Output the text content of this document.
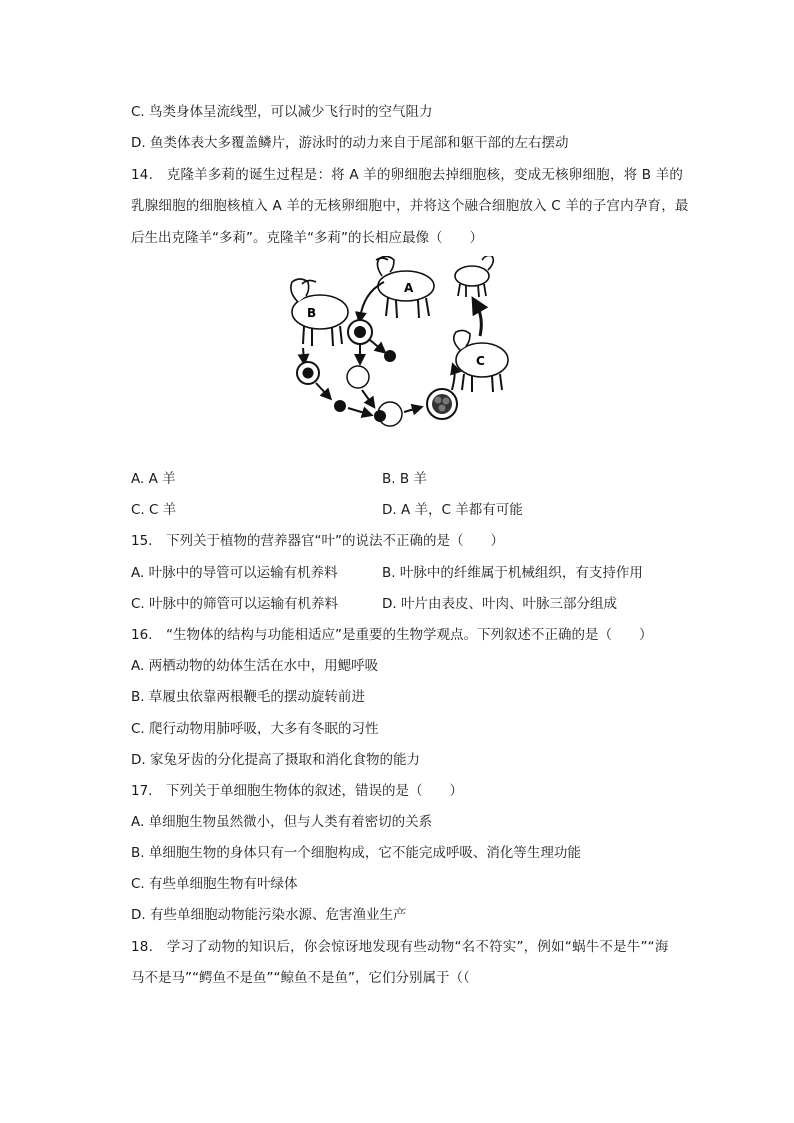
C. 鸟类身体呈流线型，可以减少飞行时的空气阻力
D. 鱼类体表大多覆盖鳞片，游泳时的动力来自于尾部和躯干部的左右摆动
14.　克隆羊多莉的诞生过程是：将 A 羊的卵细胞去掉细胞核，变成无核卵细胞，将 B 羊的
乳腺细胞的细胞核植入 A 羊的无核卵细胞中，并将这个融合细胞放入 C 羊的子宫内孕育，最
后生出克隆羊“多莉”。克隆羊“多莉”的长相应最像（　　）
B
A
C
A. A 羊	B. B 羊
C. C 羊	D. A 羊，C 羊都有可能
15.　下列关于植物的营养器官“叶”的说法不正确的是（　　）
A. 叶脉中的导管可以运输有机养料	B. 叶脉中的纤维属于机械组织，有支持作用
C. 叶脉中的筛管可以运输有机养料	D. 叶片由表皮、叶肉、叶脉三部分组成
16.　“生物体的结构与功能相适应”是重要的生物学观点。下列叙述不正确的是（　　）
A. 两栖动物的幼体生活在水中，用鳃呼吸
B. 草履虫依靠两根鞭毛的摆动旋转前进
C. 爬行动物用肺呼吸，大多有冬眠的习性
D. 家兔牙齿的分化提高了摄取和消化食物的能力
17.　下列关于单细胞生物体的叙述，错误的是（　　）
A. 单细胞生物虽然微小，但与人类有着密切的关系
B. 单细胞生物的身体只有一个细胞构成，它不能完成呼吸、消化等生理功能
C. 有些单细胞生物有叶绿体
D. 有些单细胞动物能污染水源、危害渔业生产
18.　学习了动物的知识后，你会惊讶地发现有些动物“名不符实”，例如“蜗牛不是牛”“海
马不是马”“鳄鱼不是鱼”“鲸鱼不是鱼”，它们分别属于（（
